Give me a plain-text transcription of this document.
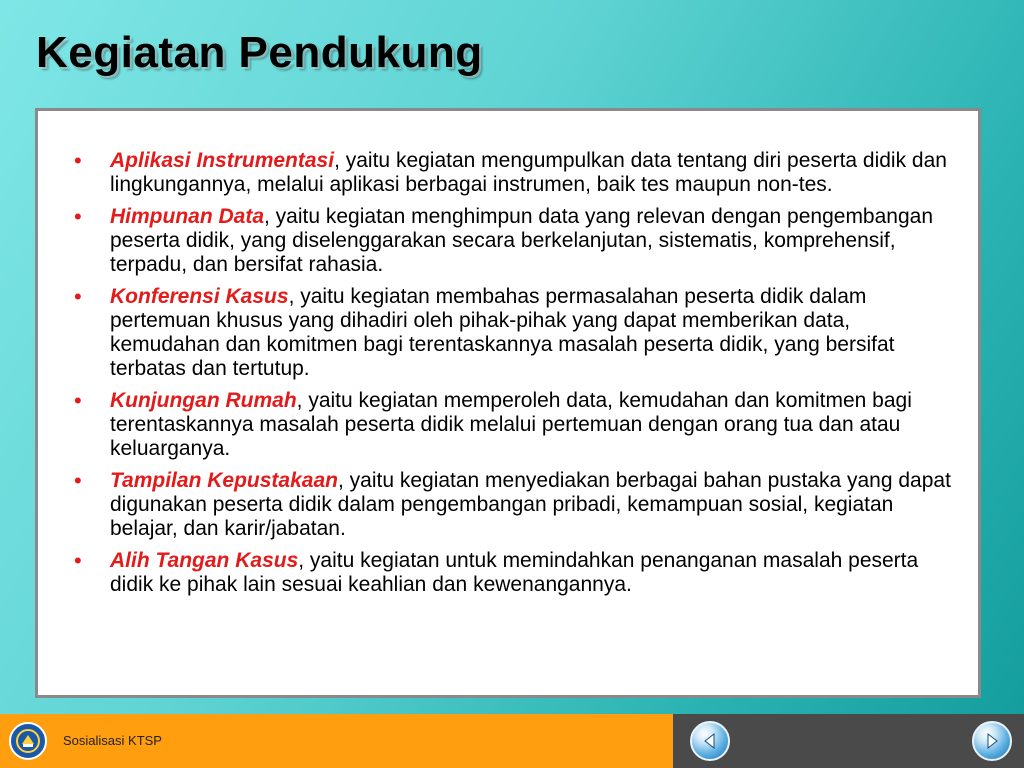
Kegiatan Pendukung
•	Aplikasi Instrumentasi, yaitu kegiatan mengumpulkan data tentang diri peserta didik dan lingkungannya, melalui aplikasi berbagai instrumen, baik tes maupun non-tes.
•	Himpunan Data, yaitu kegiatan menghimpun data yang relevan dengan pengembangan peserta didik, yang diselenggarakan secara berkelanjutan, sistematis, komprehensif, terpadu, dan bersifat rahasia.
•	Konferensi Kasus, yaitu kegiatan membahas permasalahan peserta didik dalam pertemuan khusus yang dihadiri oleh pihak-pihak yang dapat memberikan data, kemudahan dan komitmen bagi terentaskannya masalah peserta didik, yang bersifat terbatas dan tertutup.
•	Kunjungan Rumah, yaitu kegiatan memperoleh data, kemudahan dan komitmen bagi terentaskannya masalah peserta didik melalui pertemuan dengan orang tua dan atau keluarganya.
•	Tampilan Kepustakaan, yaitu kegiatan menyediakan berbagai bahan pustaka yang dapat digunakan peserta didik dalam pengembangan pribadi, kemampuan sosial, kegiatan belajar, dan karir/jabatan.
•	Alih Tangan Kasus, yaitu kegiatan untuk memindahkan penanganan masalah peserta didik ke pihak lain sesuai keahlian dan kewenangannya.
Sosialisasi KTSP
